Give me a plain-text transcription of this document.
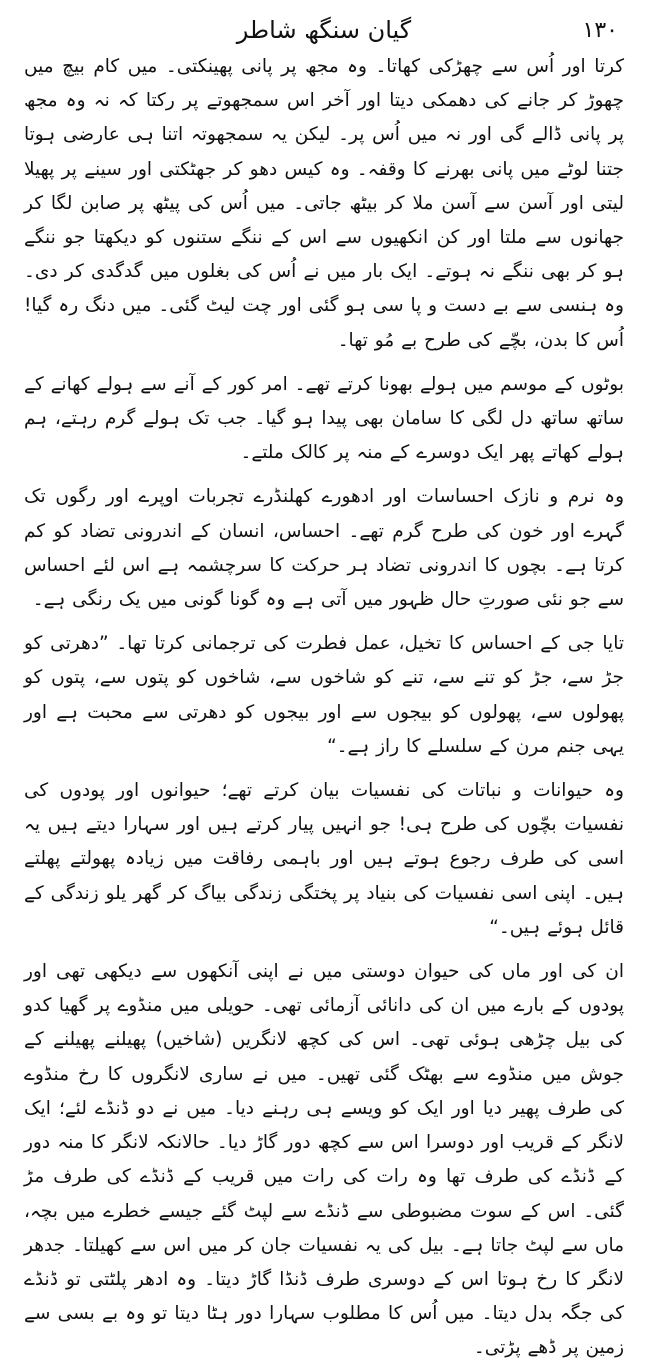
۱۳۰
گیان سنگھ شاطر

کرتا اور اُس سے چھڑکی کھاتا۔ وہ مجھ پر پانی پھینکتی۔ میں کام بیچ میں چھوڑ کر جانے کی دھمکی دیتا اور آخر اس سمجھوتے پر رکتا کہ نہ وہ مجھ پر پانی ڈالے گی اور نہ میں اُس پر۔ لیکن یہ سمجھوتہ اتنا ہی عارضی ہوتا جتنا لوٹے میں پانی بھرنے کا وقفہ۔ وہ کیس دھو کر جھٹکتی اور سینے پر پھیلا لیتی اور آسن سے آسن ملا کر بیٹھ جاتی۔ میں اُس کی پیٹھ پر صابن لگا کر جھانوں سے ملتا اور کن انکھیوں سے اس کے ننگے ستنوں کو دیکھتا جو ننگے ہو کر بھی ننگے نہ ہوتے۔ ایک بار میں نے اُس کی بغلوں میں گدگدی کر دی۔ وہ ہنسی سے بے دست و پا سی ہو گئی اور چت لیٹ گئی۔ میں دنگ رہ گیا! اُس کا بدن، بچّے کی طرح بے مُو تھا۔

بوٹوں کے موسم میں ہولے بھونا کرتے تھے۔ امر کور کے آنے سے ہولے کھانے کے ساتھ ساتھ دل لگی کا سامان بھی پیدا ہو گیا۔ جب تک ہولے گرم رہتے، ہم ہولے کھاتے پھر ایک دوسرے کے منہ پر کالک ملتے۔

وہ نرم و نازک احساسات اور ادھورے کھلنڈرے تجربات اوپرے اور رگوں تک گہرے اور خون کی طرح گرم تھے۔ احساس، انسان کے اندرونی تضاد کو کم کرتا ہے۔ بچوں کا اندرونی تضاد ہر حرکت کا سرچشمہ ہے اس لئے احساس سے جو نئی صورتِ حال ظہور میں آتی ہے وہ گونا گونی میں یک رنگی ہے۔

تایا جی کے احساس کا تخیل، عمل فطرت کی ترجمانی کرتا تھا۔ ”دھرتی کو جڑ سے، جڑ کو تنے سے، تنے کو شاخوں سے، شاخوں کو پتوں سے، پتوں کو پھولوں سے، پھولوں کو بیجوں سے اور بیجوں کو دھرتی سے محبت ہے اور یہی جنم مرن کے سلسلے کا راز ہے۔“

وہ حیوانات و نباتات کی نفسیات بیان کرتے تھے؛ حیوانوں اور پودوں کی نفسیات بچّوں کی طرح ہی! جو انہیں پیار کرتے ہیں اور سہارا دیتے ہیں یہ اسی کی طرف رجوع ہوتے ہیں اور باہمی رفاقت میں زیادہ پھولتے پھلتے ہیں۔ اپنی اسی نفسیات کی بنیاد پر پختگی زندگی بیاگ کر گھر یلو زندگی کے قائل ہوئے ہیں۔“

ان کی اور ماں کی حیوان دوستی میں نے اپنی آنکھوں سے دیکھی تھی اور پودوں کے بارے میں ان کی دانائی آزمائی تھی۔ حویلی میں منڈوے پر گھیا کدو کی بیل چڑھی ہوئی تھی۔ اس کی کچھ لانگریں (شاخیں) پھیلنے پھیلنے کے جوش میں منڈوے سے بھٹک گئی تھیں۔ میں نے ساری لانگروں کا رخ منڈوے کی طرف پھیر دیا اور ایک کو ویسے ہی رہنے دیا۔ میں نے دو ڈنڈے لئے؛ ایک لانگر کے قریب اور دوسرا اس سے کچھ دور گاڑ دیا۔ حالانکہ لانگر کا منہ دور کے ڈنڈے کی طرف تھا وہ رات کی رات میں قریب کے ڈنڈے کی طرف مڑ گئی۔ اس کے سوت مضبوطی سے ڈنڈے سے لپٹ گئے جیسے خطرے میں بچہ، ماں سے لپٹ جاتا ہے۔ بیل کی یہ نفسیات جان کر میں اس سے کھیلتا۔ جدھر لانگر کا رخ ہوتا اس کے دوسری طرف ڈنڈا گاڑ دیتا۔ وہ ادھر پلٹتی تو ڈنڈے کی جگہ بدل دیتا۔ میں اُس کا مطلوب سہارا دور ہٹا دیتا تو وہ بے بسی سے زمین پر ڈھے پڑتی۔
